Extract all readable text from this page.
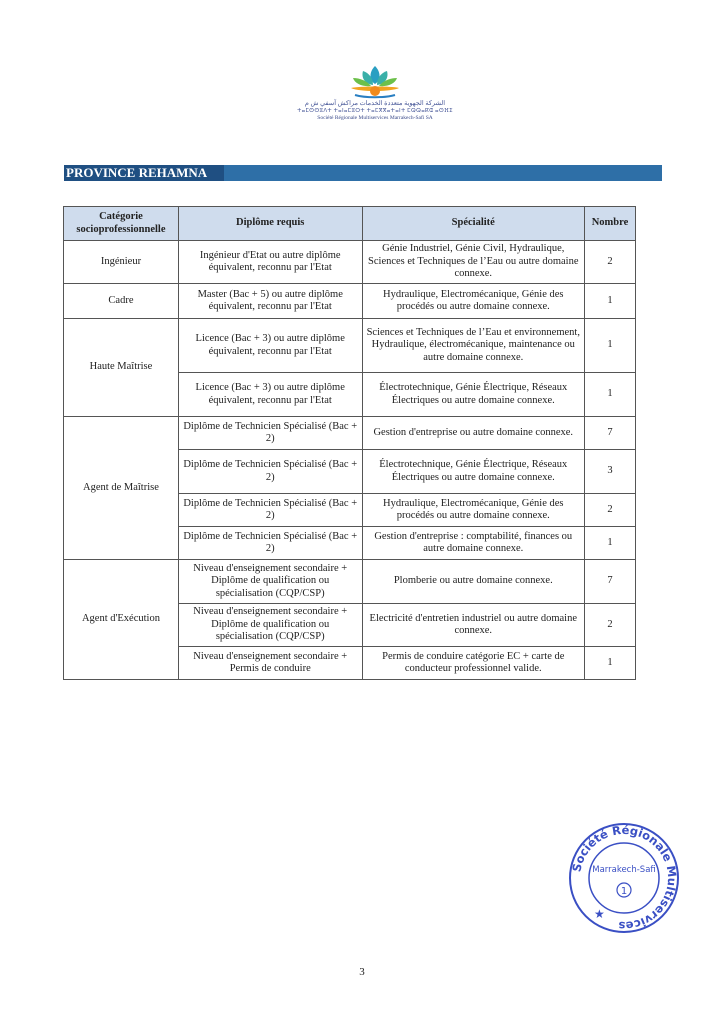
الشركة الجهوية متعددة الخدمات مراكش آسفي ش م
ⵜⴰⵎⵙⵙⵓⴷⵜ ⵜⴰⵏⴰⵎⵓⵔⵜ ⵜⴰⵎⴳⴳⴰⵜⴰⵏⵜ ⵎⵕⵕⴰⴽⵛ ⴰⵙⴼⵉ
Société Régionale Multiservices Marrakech-Safi SA
PROVINCE REHAMNA
Catégorie socioprofessionnelle	Diplôme requis	Spécialité	Nombre
Ingénieur	Ingénieur d'Etat ou autre diplôme équivalent, reconnu par l'Etat	Génie Industriel, Génie Civil, Hydraulique, Sciences et Techniques de l’Eau ou autre domaine connexe.	2
Cadre	Master (Bac + 5) ou autre diplôme équivalent, reconnu par l'Etat	Hydraulique, Electromécanique, Génie des procédés ou autre domaine connexe.	1
Haute Maîtrise	Licence (Bac + 3) ou autre diplôme équivalent, reconnu par l'Etat	Sciences et Techniques de l’Eau et environnement, Hydraulique, électromécanique, maintenance ou autre domaine connexe.	1
	Licence (Bac + 3) ou autre diplôme équivalent, reconnu par l'Etat	Électrotechnique, Génie Électrique, Réseaux Électriques ou autre domaine connexe.	1
Agent de Maîtrise	Diplôme de Technicien Spécialisé (Bac + 2)	Gestion d'entreprise ou autre domaine connexe.	7
	Diplôme de Technicien Spécialisé (Bac + 2)	Électrotechnique, Génie Électrique, Réseaux Électriques ou autre domaine connexe.	3
	Diplôme de Technicien Spécialisé (Bac + 2)	Hydraulique, Electromécanique, Génie des procédés ou autre domaine connexe.	2
	Diplôme de Technicien Spécialisé (Bac + 2)	Gestion d'entreprise : comptabilité, finances ou autre domaine connexe.	1
Agent d'Exécution	Niveau d'enseignement secondaire + Diplôme de qualification ou spécialisation (CQP/CSP)	Plomberie ou autre domaine connexe.	7
	Niveau d'enseignement secondaire + Diplôme de qualification ou spécialisation (CQP/CSP)	Electricité d'entretien industriel ou autre domaine connexe.	2
	Niveau d'enseignement secondaire + Permis de conduire	Permis de conduire catégorie EC + carte de conducteur professionnel valide.	1
Société Régionale Multiservices
Marrakech-Safi
1
★
3
